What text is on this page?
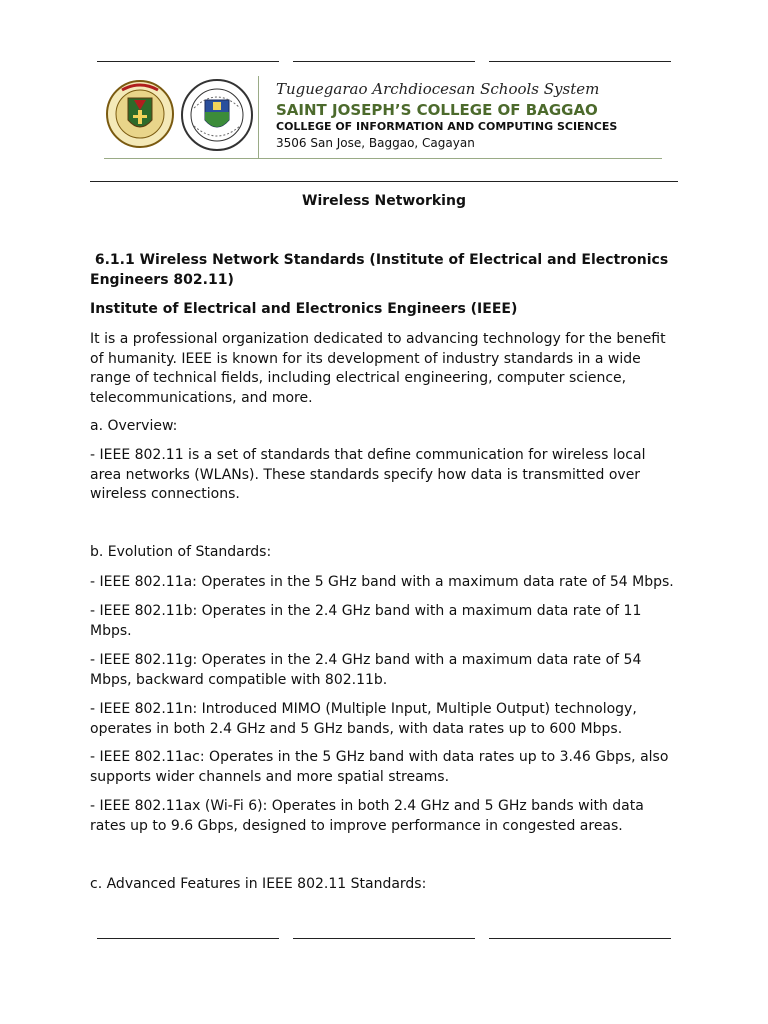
Tuguegarao Archdiocesan Schools System
SAINT JOSEPH’S COLLEGE OF BAGGAO
COLLEGE OF INFORMATION AND COMPUTING SCIENCES
3506 San Jose, Baggao, Cagayan
Wireless Networking

6.1.1 Wireless Network Standards (Institute of Electrical and Electronics Engineers 802.11)

Institute of Electrical and Electronics Engineers (IEEE)

It is a professional organization dedicated to advancing technology for the benefit of humanity. IEEE is known for its development of industry standards in a wide range of technical fields, including electrical engineering, computer science, telecommunications, and more.

a. Overview:

- IEEE 802.11 is a set of standards that define communication for wireless local area networks (WLANs). These standards specify how data is transmitted over wireless connections.

b. Evolution of Standards:

- IEEE 802.11a: Operates in the 5 GHz band with a maximum data rate of 54 Mbps.

- IEEE 802.11b: Operates in the 2.4 GHz band with a maximum data rate of 11 Mbps.

- IEEE 802.11g: Operates in the 2.4 GHz band with a maximum data rate of 54 Mbps, backward compatible with 802.11b.

- IEEE 802.11n: Introduced MIMO (Multiple Input, Multiple Output) technology, operates in both 2.4 GHz and 5 GHz bands, with data rates up to 600 Mbps.

- IEEE 802.11ac: Operates in the 5 GHz band with data rates up to 3.46 Gbps, also supports wider channels and more spatial streams.

- IEEE 802.11ax (Wi-Fi 6): Operates in both 2.4 GHz and 5 GHz bands with data rates up to 9.6 Gbps, designed to improve performance in congested areas.

c. Advanced Features in IEEE 802.11 Standards:
